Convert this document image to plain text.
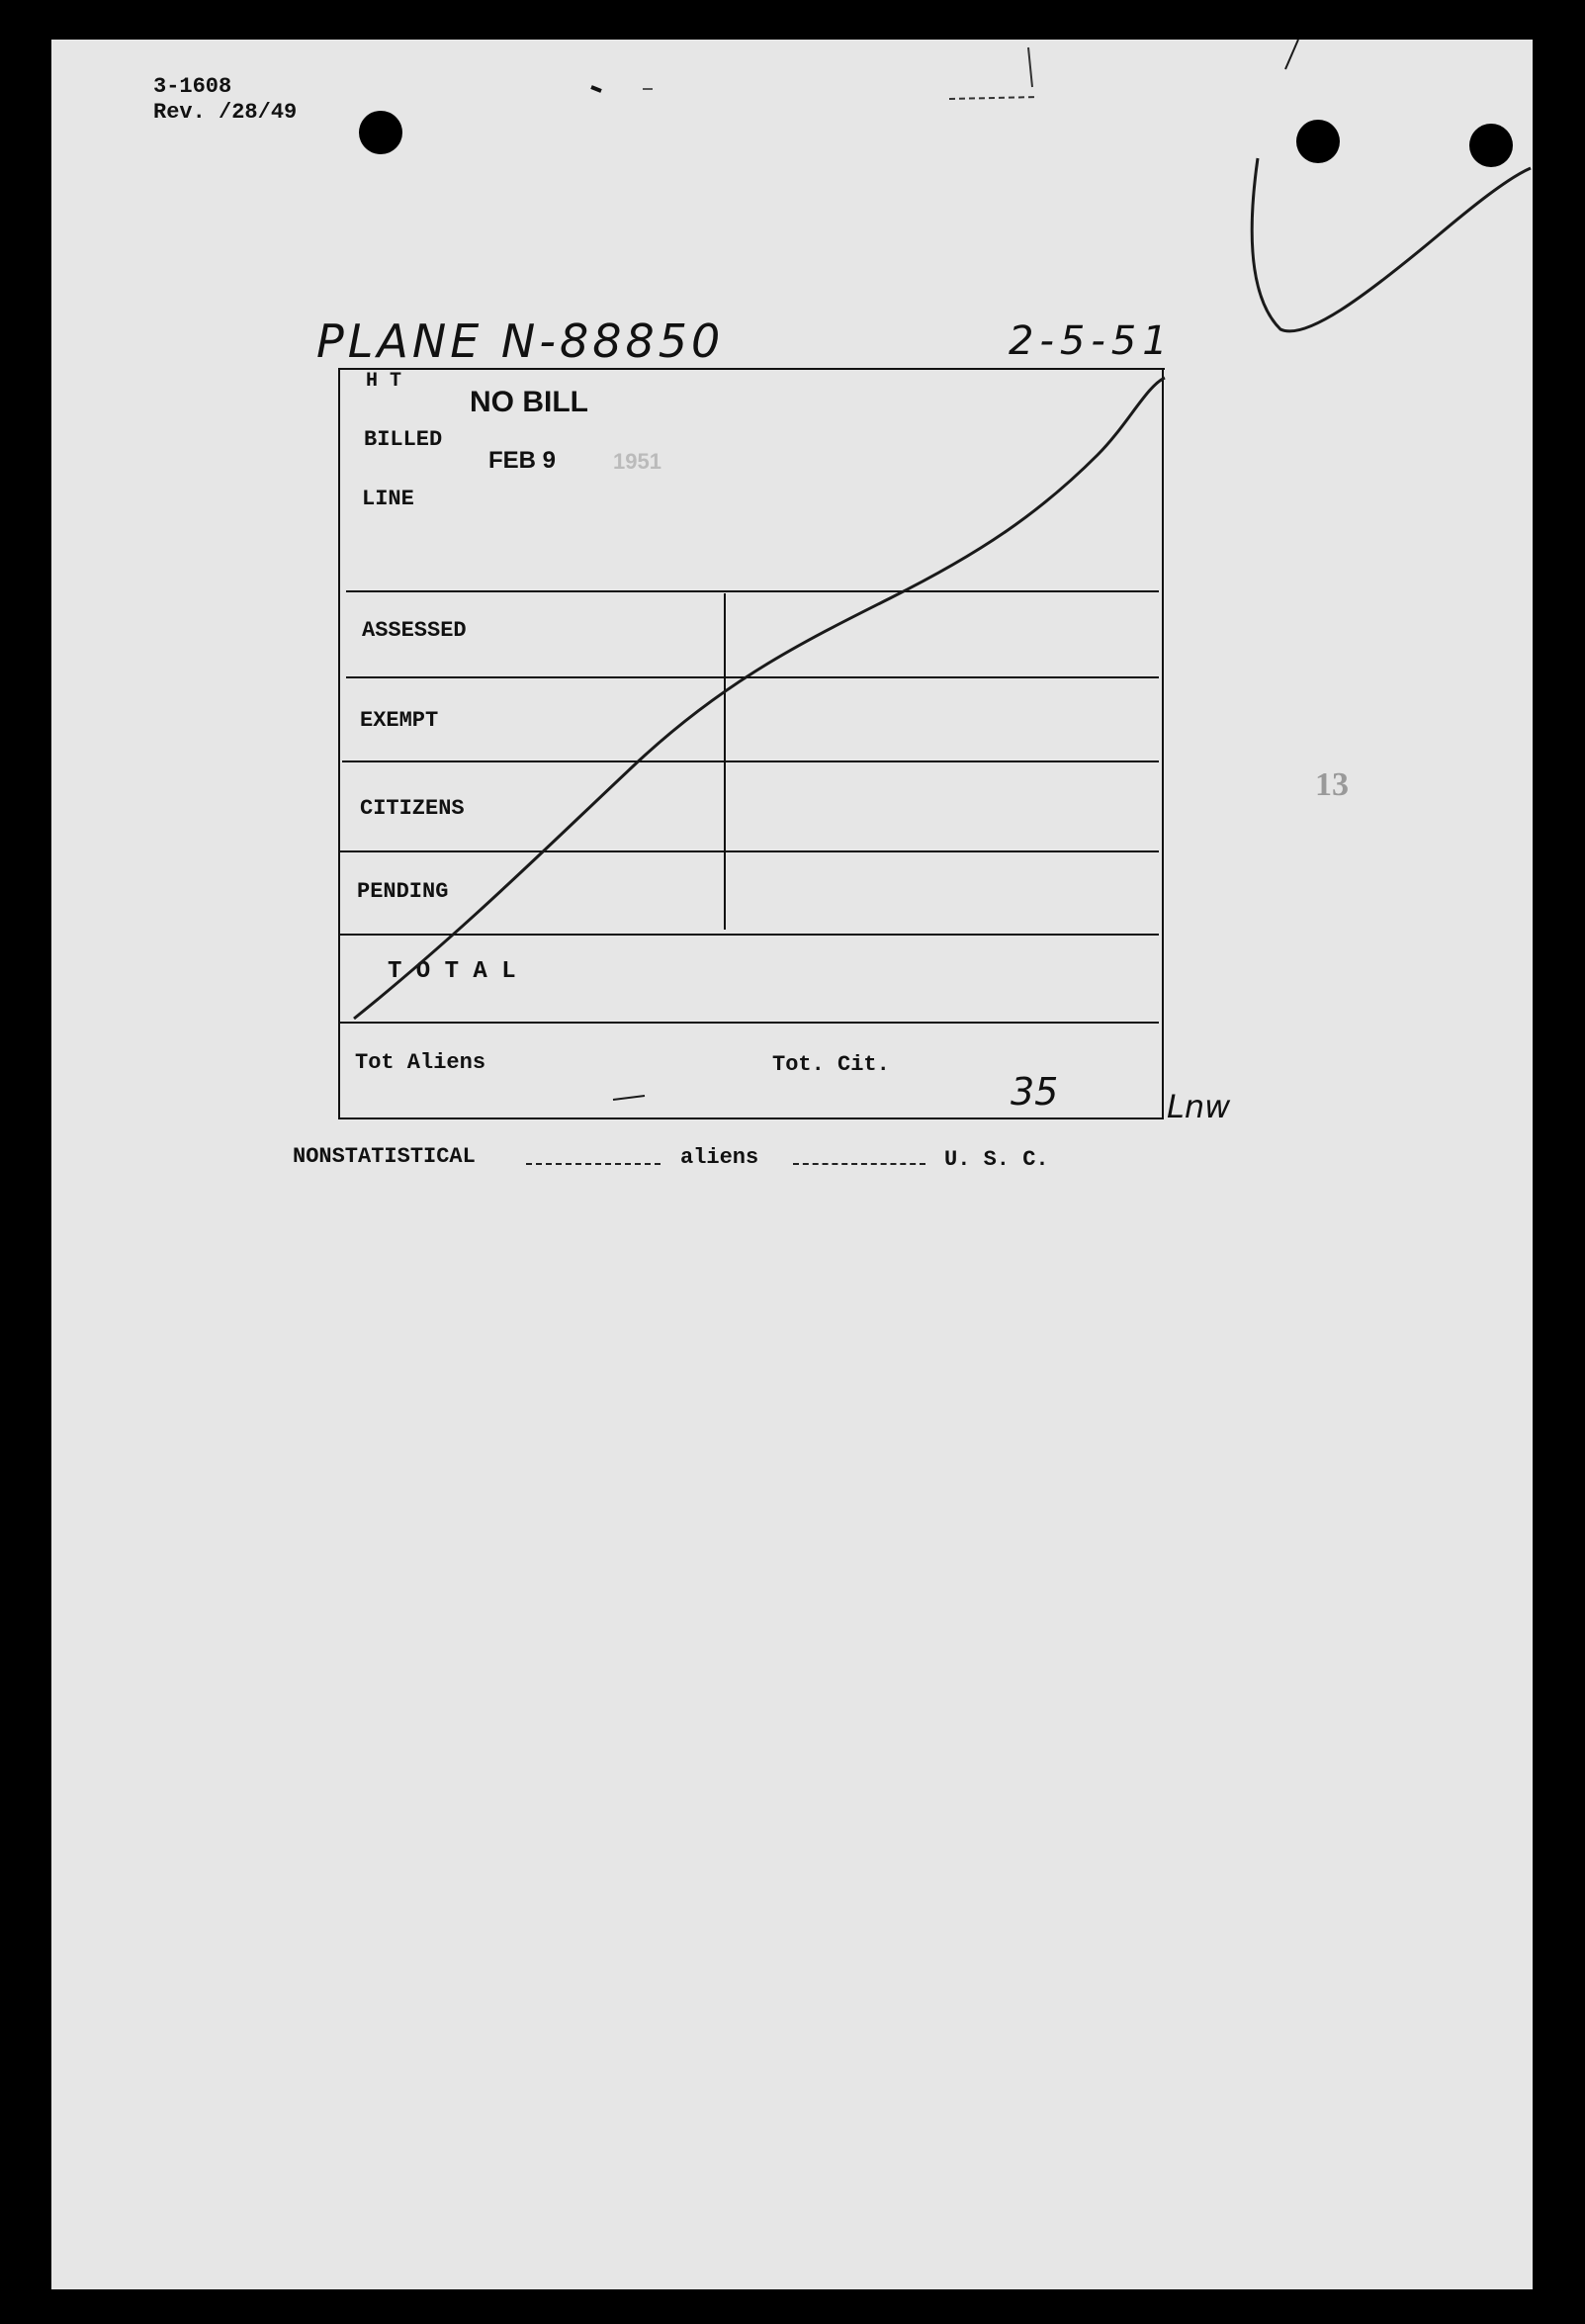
3-1608
Rev. /28/49
PLANE N-88850	2-5-51
H T
BILLED
LINE
ASSESSED
EXEMPT
CITIZENS
PENDING
T O T A L
Tot Aliens	Tot. Cit.
NO BILL
FEB 9	1951
35	Lnw
NONSTATISTICAL	aliens	U. S. C.
13
